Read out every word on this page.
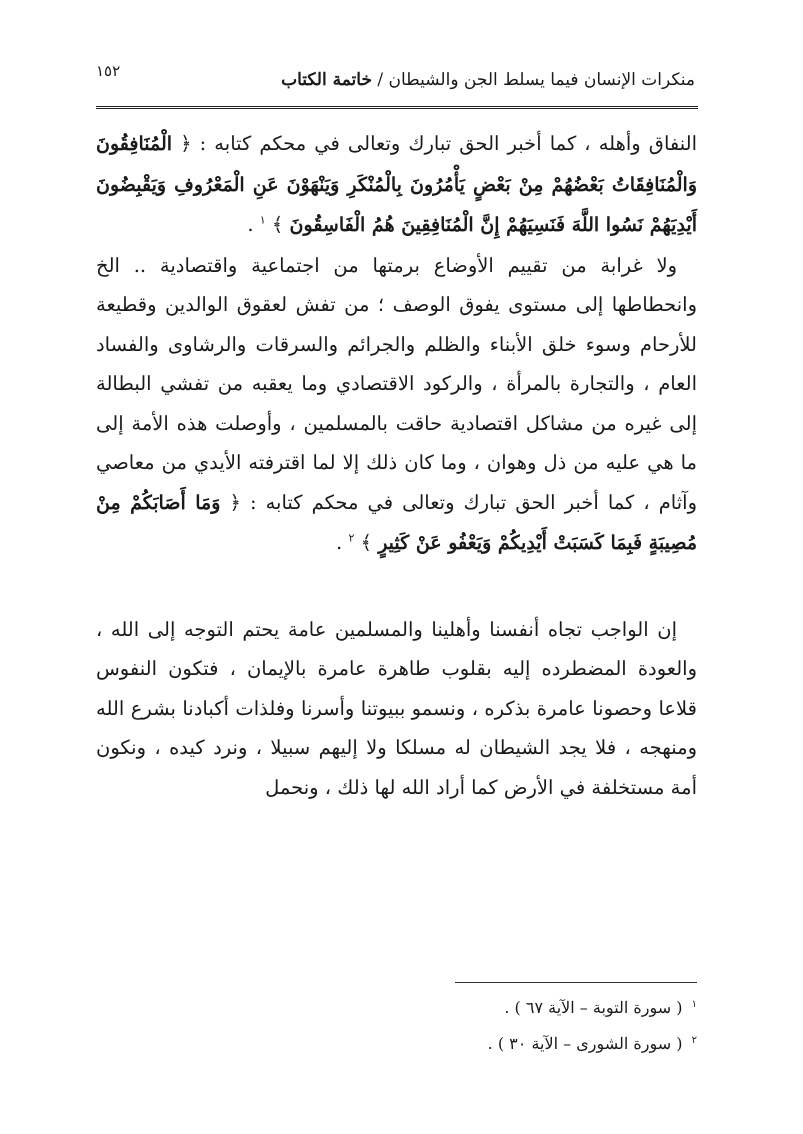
١٥٢	منكرات الإنسان فيما يسلط الجن والشيطان / خاتمة الكتاب

النفاق وأهله ، كما أخبر الحق تبارك وتعالى في محكم كتابه : ﴿ الْمُنَافِقُونَ وَالْمُنَافِقَاتُ بَعْضُهُمْ مِنْ بَعْضٍ يَأْمُرُونَ بِالْمُنْكَرِ وَيَنْهَوْنَ عَنِ الْمَعْرُوفِ وَيَقْبِضُونَ أَيْدِيَهُمْ نَسُوا اللَّهَ فَنَسِيَهُمْ إِنَّ الْمُنَافِقِينَ هُمُ الْفَاسِقُونَ ﴾ $^١$ .

ولا غرابة من تقييم الأوضاع برمتها من اجتماعية واقتصادية .. الخ وانحطاطها إلى مستوى يفوق الوصف ؛ من تفش لعقوق الوالدين وقطيعة للأرحام وسوء خلق الأبناء والظلم والجرائم والسرقات والرشاوى والفساد العام ، والتجارة بالمرأة ، والركود الاقتصادي وما يعقبه من تفشي البطالة إلى غيره من مشاكل اقتصادية حاقت بالمسلمين ، وأوصلت هذه الأمة إلى ما هي عليه من ذل وهوان ، وما كان ذلك إلا لما اقترفته الأيدي من معاصي وآثام ، كما أخبر الحق تبارك وتعالى في محكم كتابه : ﴿ وَمَا أَصَابَكُمْ مِنْ مُصِيبَةٍ فَبِمَا كَسَبَتْ أَيْدِيكُمْ وَيَعْفُو عَنْ كَثِيرٍ ﴾ $^٢$ .

إن الواجب تجاه أنفسنا وأهلينا والمسلمين عامة يحتم التوجه إلى الله ، والعودة المضطرده إليه بقلوب طاهرة عامرة بالإيمان ، فتكون النفوس قلاعا وحصونا عامرة بذكره ، ونسمو ببيوتنا وأسرنا وفلذات أكبادنا بشرع الله ومنهجه ، فلا يجد الشيطان له مسلكا ولا إليهم سبيلا ، ونرد كيده ، ونكون أمة مستخلفة في الأرض كما أراد الله لها ذلك ، ونحمل

$^١$ ( سورة التوبة – الآية ٦٧ ) .
$^٢$ ( سورة الشورى – الآية ٣٠ ) .
